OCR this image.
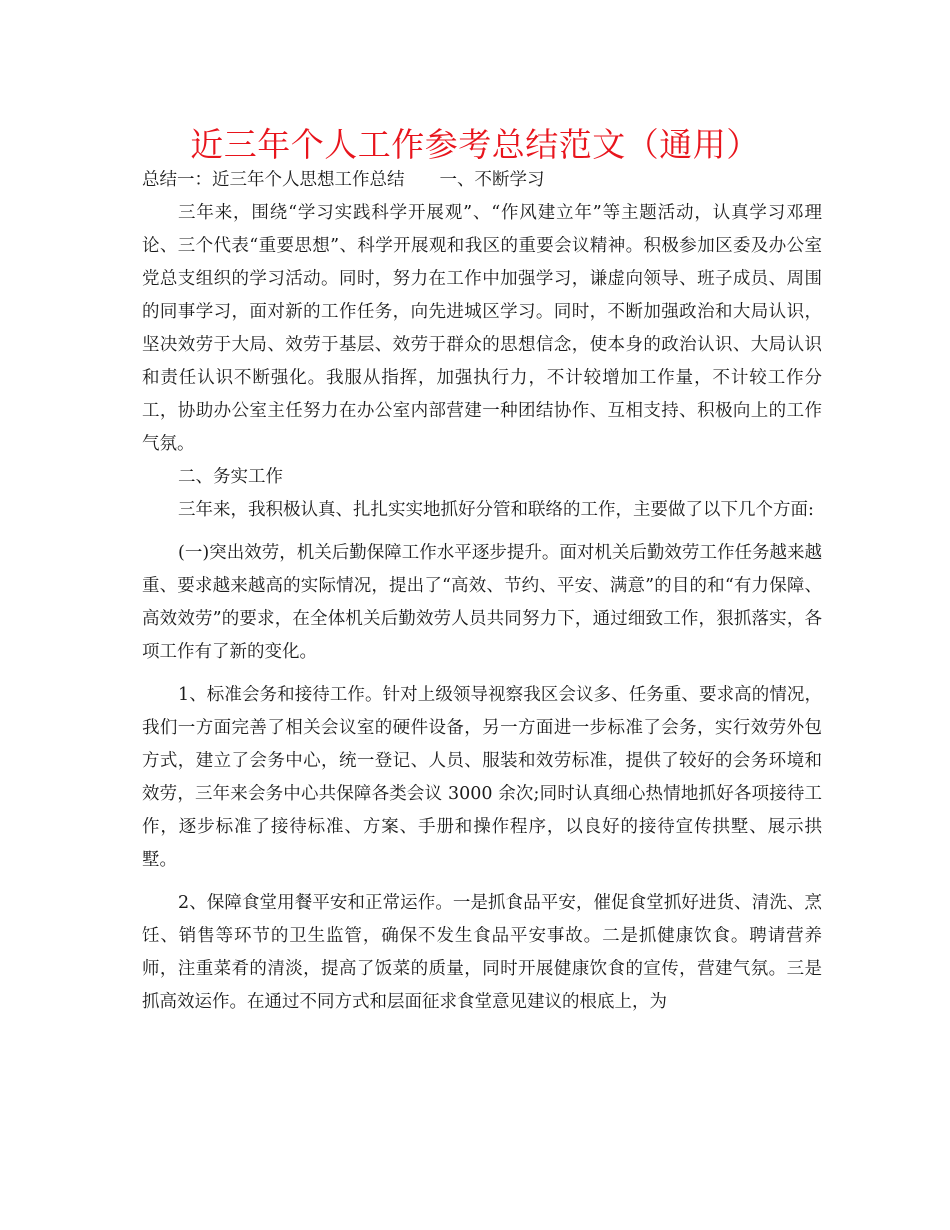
近三年个人工作参考总结范文（通用）

总结一：近三年个人思想工作总结　　一、不断学习

三年来，围绕“学习实践科学开展观”、“作风建立年”等主题活动，认真学习邓理论、三个代表“重要思想”、科学开展观和我区的重要会议精神。积极参加区委及办公室党总支组织的学习活动。同时，努力在工作中加强学习，谦虚向领导、班子成员、周围的同事学习，面对新的工作任务，向先进城区学习。同时，不断加强政治和大局认识，坚决效劳于大局、效劳于基层、效劳于群众的思想信念，使本身的政治认识、大局认识和责任认识不断强化。我服从指挥，加强执行力，不计较增加工作量，不计较工作分工，协助办公室主任努力在办公室内部营建一种团结协作、互相支持、积极向上的工作气氛。

二、务实工作

三年来，我积极认真、扎扎实实地抓好分管和联络的工作，主要做了以下几个方面:

(一)突出效劳，机关后勤保障工作水平逐步提升。面对机关后勤效劳工作任务越来越重、要求越来越高的实际情况，提出了“高效、节约、平安、满意”的目的和“有力保障、高效效劳”的要求，在全体机关后勤效劳人员共同努力下，通过细致工作，狠抓落实，各项工作有了新的变化。

1、标准会务和接待工作。针对上级领导视察我区会议多、任务重、要求高的情况，我们一方面完善了相关会议室的硬件设备，另一方面进一步标准了会务，实行效劳外包方式，建立了会务中心，统一登记、人员、服装和效劳标准，提供了较好的会务环境和效劳，三年来会务中心共保障各类会议 3000 余次;同时认真细心热情地抓好各项接待工作，逐步标准了接待标准、方案、手册和操作程序，以良好的接待宣传拱墅、展示拱墅。

2、保障食堂用餐平安和正常运作。一是抓食品平安，催促食堂抓好进货、清洗、烹饪、销售等环节的卫生监管，确保不发生食品平安事故。二是抓健康饮食。聘请营养师，注重菜肴的清淡，提高了饭菜的质量，同时开展健康饮食的宣传，营建气氛。三是抓高效运作。在通过不同方式和层面征求食堂意见建议的根底上，为
